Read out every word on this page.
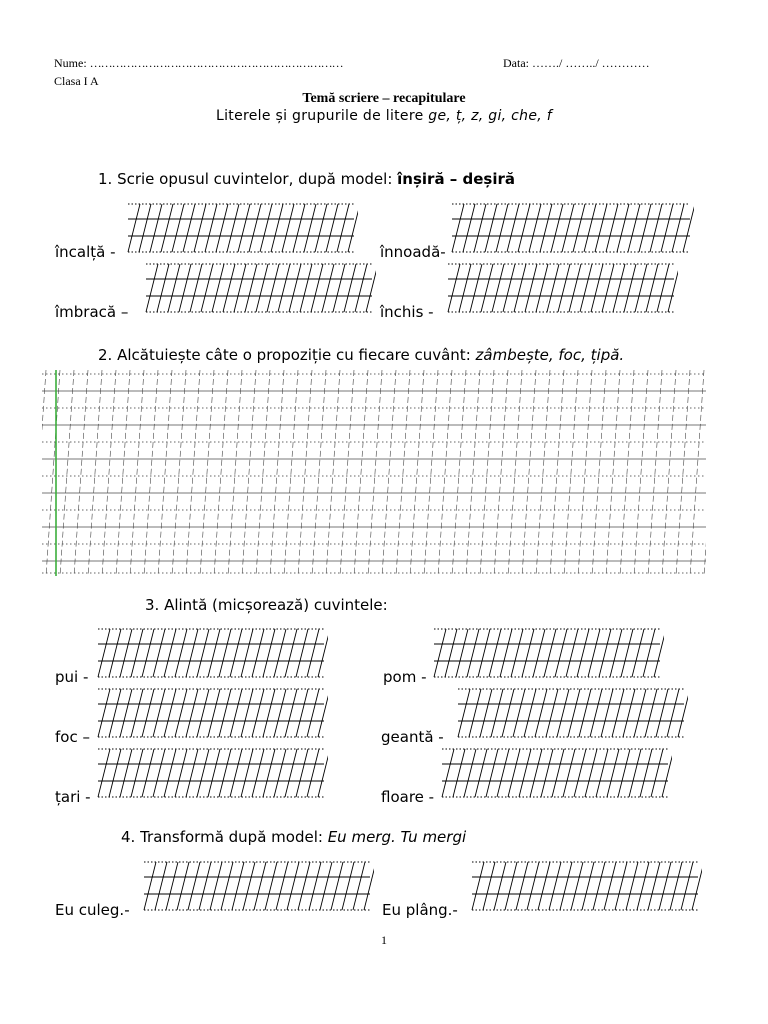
Nume: ……………………………………………………………	Data: ……./ ……../ …………
Clasa I A
Temă scriere – recapitulare
Literele și grupurile de litere ge, ț, z, gi, che, f
1. Scrie opusul cuvintelor, după model: înșiră – deșiră
încalță -	înnoadă-
îmbracă –	închis -
2. Alcătuiește câte o propoziție cu fiecare cuvânt: zâmbește, foc, țipă.
3. Alintă (micșorează) cuvintele:
pui -	pom -
foc –	geantă -
țari -	floare -
4. Transformă după model: Eu merg. Tu mergi
Eu culeg.-	Eu plâng.-
1
